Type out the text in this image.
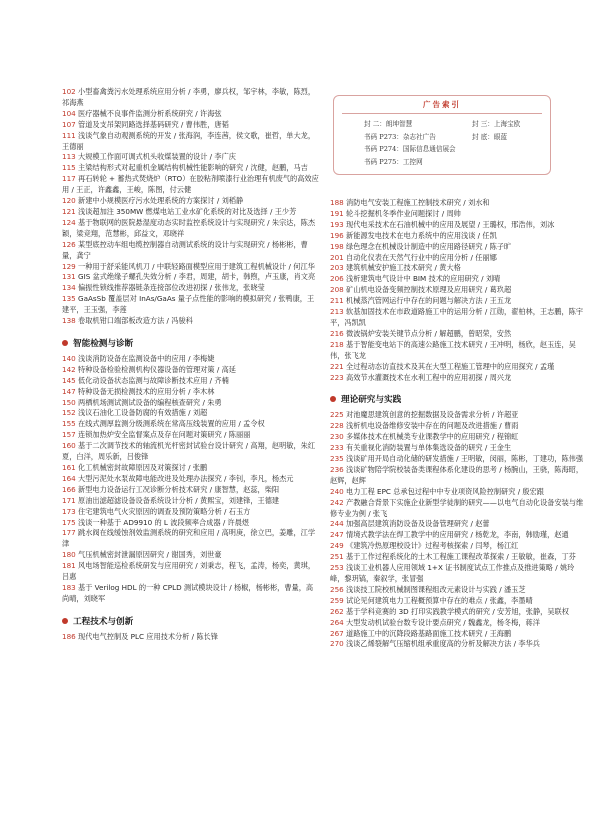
102 小型畜禽粪污水处理系统应用分析 / 李勇，廖兵权，邹宇林，李敏，陈烈，祁海燕
104 医疗器械不良事件监测分析系统研究 / 许海弦
107 管道及支吊架同路选择基码研究 / 曹伟胜，唐韬
111 浅谈气象自动观测系统的开发 / 张海润，李连茜，侯文歌，崔哲，单大龙，王德丽
113 大规模工作面可调式机头收煤装置的设计 / 李广庆
115 主梁结构形式对起重机金属结构机械性能影响的研究 / 沈健，赵鹏，马吉
117 再石转轮 + 蓄热式焚烧炉（RTO）在胶粘剂喷漆行业治理有机废气的高效应用 / 王正，许鑫鑫，王峻，陈图，付云健
120 新建中小规模医疗污水处理系统的方案探讨 / 刘稻静
121 浅谈超加注 350MW 燃煤电站工业水矿化系统的对比及选择 / 王少芳
124 基于物联网的医院悬湿度动态实时监控系统设计与实现研究 / 朱宗达，陈杰颖，梁竞翔，范慧彬，邱益文，邓晓祥
126 某型底控动车组电缆控制器自动测试系统的设计与实现研究 / 杨彬彬，曹量，龚宁
129 一种用于舒采能风机刀 / 中联轻路面模型应用于建筑工程机械设计 / 何江华
131 GIS 盆式绝缘子螺孔失效分析 / 李君，周建，胡卡，韩煦，卢玉康，肖文亮
134 偏振性锁线推荐器链条连接部位改进初探 / 张伟龙，张晓莹
135 GaAsSb 覆盖层对 InAs/GaAs 量子点性能的影响的模拟研究 / 张鸭康，王建平，王玉强，李莲
138 卷取机钳口端部板改造方法 / 冯骏科
智能检测与诊断
140 浅谈消防设备在监测设备中的应用 / 李梅婕
142 特种设备检验检测机构仪器设备的管理对策 / 高延
145 低化动设备状态监测与故障诊断技术应用 / 齐楠
147 特种设备无损检测技术的应用分析 / 李木林
150 两栖机场测试测试设备的编程核查研究 / 朱勇
152 浅议石油化工设备防腐的有效措施 / 刘超
155 在线式测厚监测分级测系统在常高压线装置的应用 / 孟令权
157 连锁加热炉安全监督案点及存在问题对策研究 / 陈丽丽
160 基于二次调节技术的轴流机光杆密封试验台设计研究 / 高翔，赵明敏，朱红夏，白洋，周乐新，吕俊锋
161 化工机械密封故障原因及对策探讨 / 张鹏
164 大型污泥处水泵故障电能改进及处理办法探究 / 李钊，李凡，杨杰元
166 新型电力设备运行工况诊断分析技术研究 / 康智慧，赵蕊，柴阳
171 原油出滤超滤设备设备系统设计分析 / 黄熙宝，刘建锋，王德建
173 住宅建筑电气火灾原因的调查及预防策略分析 / 石玉方
175 浅谈一种基于 AD9910 的 L 波段频率合成器 / 许晨煜
177 跳水阀在线缓蚀剂效监测系统的研究和应用 / 高明庚，徐立巴，姜雕，江学津
180 气压机械密封泄漏原因研究 / 谢国秀，刘世豪
181 风电场智能巡检系统研发与应用研究 / 刘秉志，程飞，孟涛，杨奕，黄琪，吕惠
183 基于 Verilog HDL 的一种 CPLD 测试模块设计 / 杨椒，杨彬彬，曹量，高尚晴，刘晓军
工程技术与创新
186 现代电气控制及 PLC 应用技术分析 / 陈长锋
188 消防电气安装工程施工控制技术研究 / 刘水和
191 轮斗挖掘机冬季作业问题探讨 / 周帅
193 现代电采技术在石油机械中的应用及展望 / 王璐权，邢浩伟，刘冰
196 新能源发电技术在电力系统中的应用浅谈 / 任凯
198 绿色理念在机械设计制造中的应用路径研究 / 陈子旷
201 自动化仪表在天然气行业中的应用分析 / 任丽娜
203 建筑机械安护施工技术研究 / 黄大格
206 浅析建筑电气设计中 BIM 技术的应用研究 / 刘晴
208 矿山机电设备变频控制技术原理及应用研究 / 葛玖超
211 机械蒸汽管网运行中存在的问题与解决方法 / 王五龙
213 软基加固技术在市政道路施工中的运用分析 / 江勋，翟柏林，王志鹏，陈宇平，冯凯凯
216 微波锅炉安装关键节点分析 / 解超鹏，曾昭荣，安然
218 基于智能变电站下的高速公路施工技术研究 / 王冲明，杨欣，赵玉连，吴伟，张飞龙
221 全过程动态访直技术及其在大型工程施工管理中的应用探究 / 孟瑾
223 高效节水灌溉技术在水利工程中的应用初探 / 周兴龙
理论研究与实践
225 对池魔思建筑创意的挖掘数据及设备需求分析 / 许超亚
228 浅析机电设备维修安装中存在的问题及改进措施 / 曹雨
230 多媒体技术在机械类专业课教学中的应用研究 / 程锦虹
233 有关重视化消防装置与单体集选设备的研究 / 王金生
235 浅谈矿用开局自动化储的研发措施 / 王明敏，闵丽，陈彬，丁建功，陈伟强
236 浅谈矿物陪学院校装备类课程体系化建设的思考 / 杨腕山，王骁，陈海昭，赵辉，赵辉
240 电力工程 EPC 总承包过程中中专业项资风险控制研究 / 殷宏跟
242 产教融合背景下实施企业新型学徒制的研究——以电气自动化设备安装与维修专业为例 / 张飞
244 加强高层建筑消防设备及设备管理研究 / 赵蕾
247 情境式教学法在焊工教学中的应用研究 / 杨乾龙，李南，韩励瑾，赵通
249 《建筑冷热原理校设计》过程考核探索 / 闫琴，杨江红
251 基于工作过程系统化的土木工程施工课程改革探索 / 王敏敏，崔森，丁芬
253 浅谈工业机器人应用领域 1+X 证书制度试点工作推点及推进策略 / 姚玲峰，黎玥镐，秦叙学，张冒强
256 浅谈技工院校机械制图课程组改元素设计与实践 / 潘玉芝
259 试论见何建筑电力工程概预算中存在的难点 / 张鑫，李墨晴
262 基于学科竞赛的 3D 打印实践教学模式的研究 / 安芳旭，张静，吴联权
264 大型发动机试验台数专设计要点研究 / 魏鑫龙，杨冬梅，蒋洋
267 道路施工中的沉降段路基路面施工技术研究 / 王海鹏
270 浅谈乙烯裂解气压缩机组承重度高的分析及解决方法 / 李华兵
广告索引
封 二：朗坤智慧	封 三：上海宝欧
书码 P273：杂志社广告	封 底：眼蓝
书码 P274：国际信息通信展会
书码 P275：工控网
